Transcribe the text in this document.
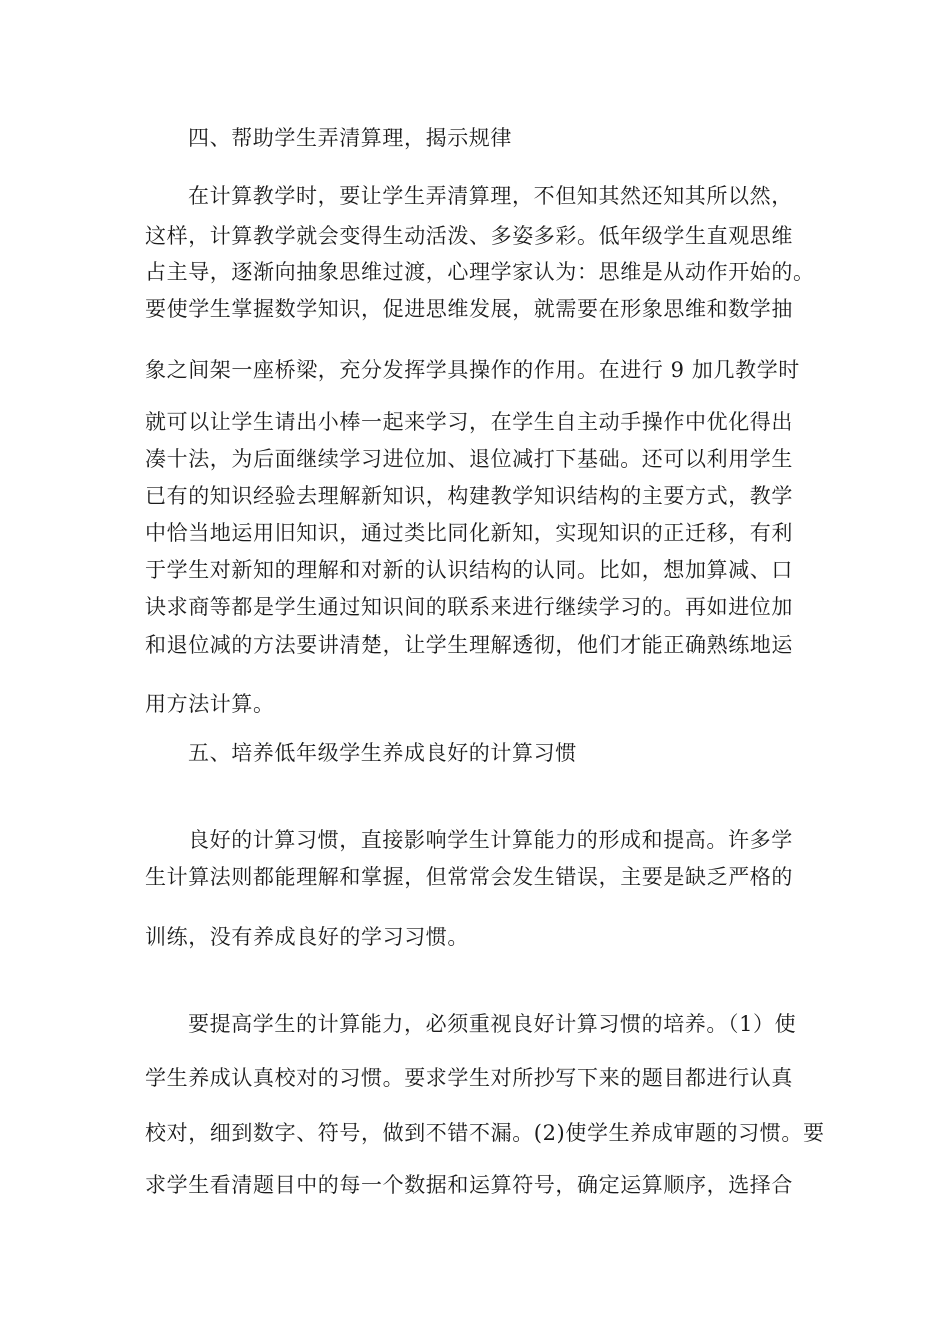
四、帮助学生弄清算理，揭示规律
在计算教学时，要让学生弄清算理，不但知其然还知其所以然，
这样，计算教学就会变得生动活泼、多姿多彩。低年级学生直观思维
占主导，逐渐向抽象思维过渡，心理学家认为：思维是从动作开始的。
要使学生掌握数学知识，促进思维发展，就需要在形象思维和数学抽
象之间架一座桥梁，充分发挥学具操作的作用。在进行 9 加几教学时
就可以让学生请出小棒一起来学习，在学生自主动手操作中优化得出
凑十法，为后面继续学习进位加、退位减打下基础。还可以利用学生
已有的知识经验去理解新知识，构建教学知识结构的主要方式，教学
中恰当地运用旧知识，通过类比同化新知，实现知识的正迁移，有利
于学生对新知的理解和对新的认识结构的认同。比如，想加算减、口
诀求商等都是学生通过知识间的联系来进行继续学习的。再如进位加
和退位减的方法要讲清楚，让学生理解透彻，他们才能正确熟练地运
用方法计算。
五、培养低年级学生养成良好的计算习惯
良好的计算习惯，直接影响学生计算能力的形成和提高。许多学
生计算法则都能理解和掌握，但常常会发生错误，主要是缺乏严格的
训练，没有养成良好的学习习惯。
要提高学生的计算能力，必须重视良好计算习惯的培养。（1）使
学生养成认真校对的习惯。要求学生对所抄写下来的题目都进行认真
校对，细到数字、符号，做到不错不漏。(2)使学生养成审题的习惯。要
求学生看清题目中的每一个数据和运算符号，确定运算顺序，选择合
